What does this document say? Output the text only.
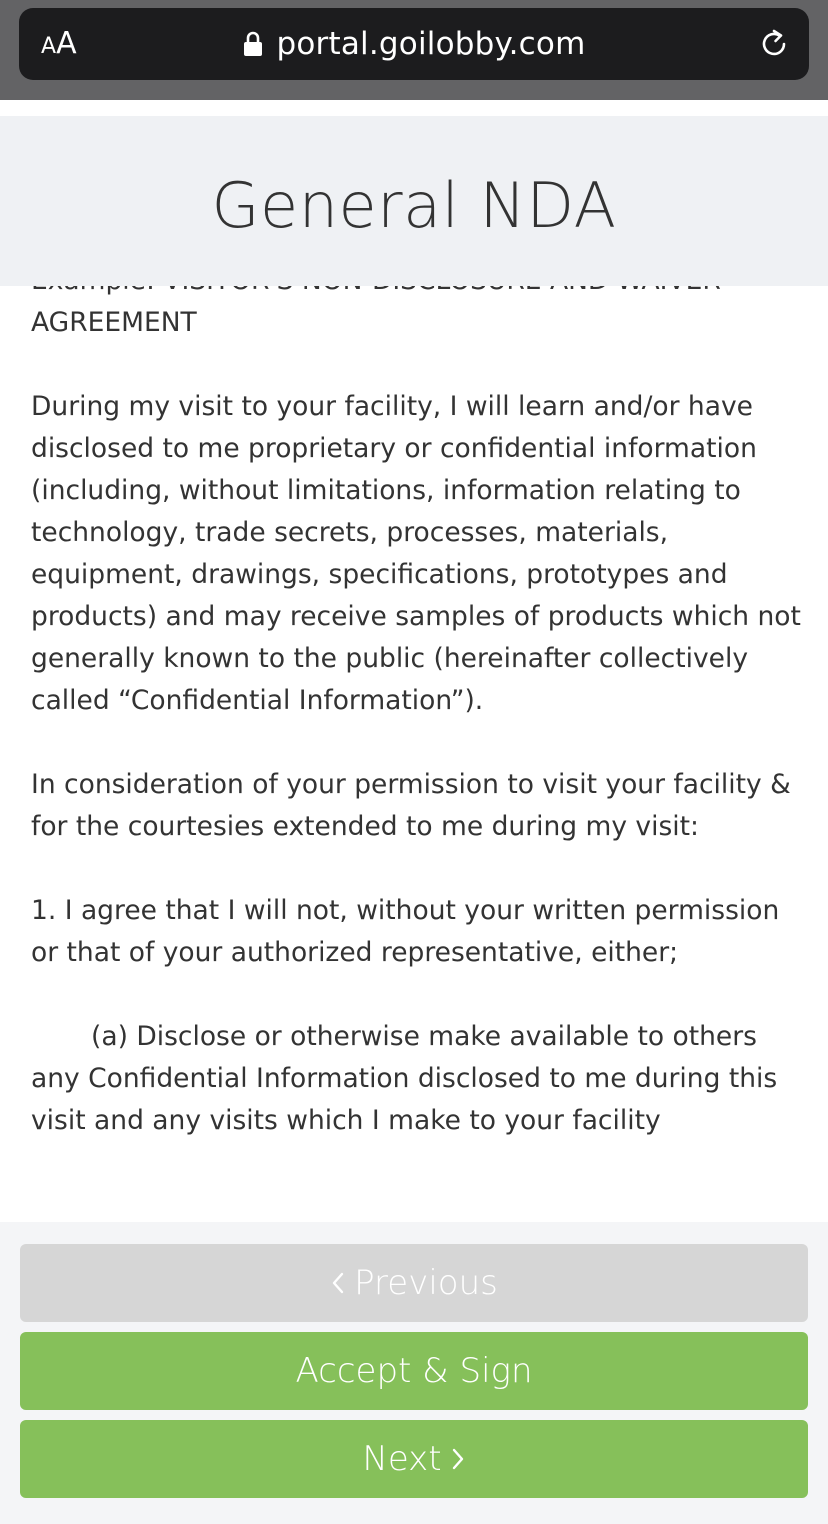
A A	portal.goilobby.com
General NDA

AGREEMENT

During my visit to your facility, I will learn and/or have disclosed to me proprietary or confidential information (including, without limitations, information relating to technology, trade secrets, processes, materials, equipment, drawings, specifications, prototypes and products) and may receive samples of products which not generally known to the public (hereinafter collectively called “Confidential Information”).

In consideration of your permission to visit your facility & for the courtesies extended to me during my visit:

1. I agree that I will not, without your written permission or that of your authorized representative, either;

(a) Disclose or otherwise make available to others any Confidential Information disclosed to me during this visit and any visits which I make to your facility

Previous
Accept & Sign
Next
